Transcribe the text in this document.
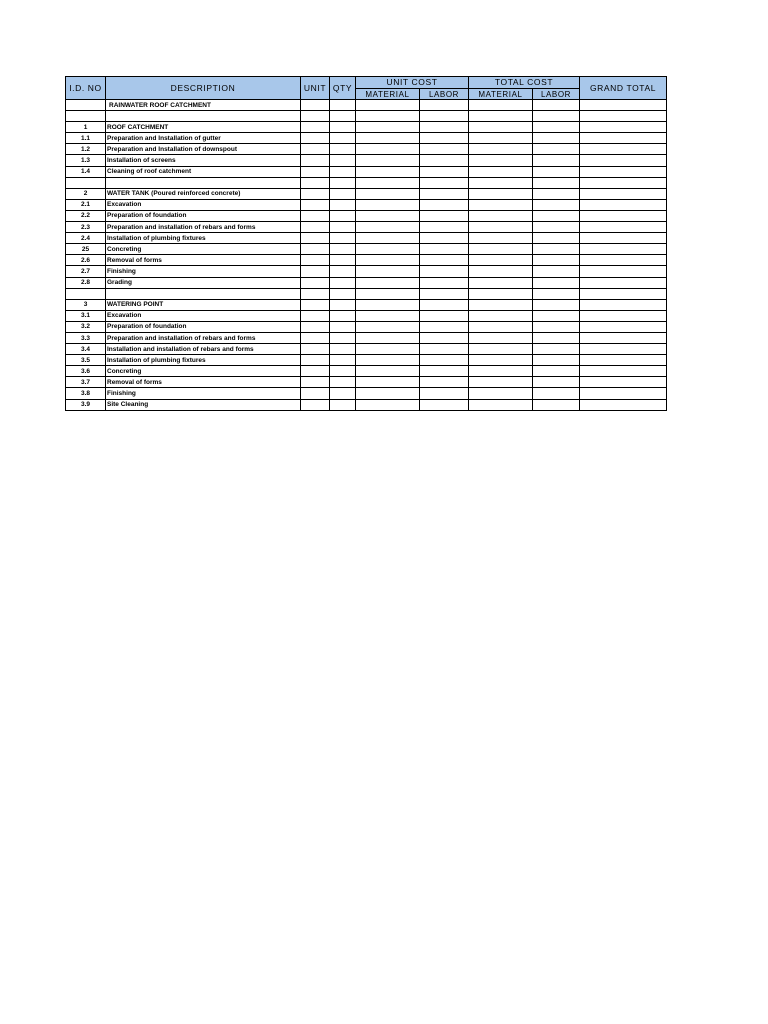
I.D. NO	DESCRIPTION	UNIT	QTY	UNIT COST		TOTAL COST		GRAND TOTAL
				MATERIAL	LABOR	MATERIAL	LABOR	
	RAINWATER ROOF CATCHMENT							

1	ROOF CATCHMENT							
1.1	Preparation and Installation of gutter							
1.2	Preparation and Installation of downspout							
1.3	Installation of screens							
1.4	Cleaning of roof catchment							

2	WATER TANK (Poured reinforced concrete)							
2.1	Excavation							
2.2	Preparation of foundation							
2.3	Preparation and installation of rebars and forms							
2.4	Installation of plumbing fixtures							
25	Concreting							
2.6	Removal of forms							
2.7	Finishing							
2.8	Grading							

3	WATERING POINT							
3.1	Excavation							
3.2	Preparation of foundation							
3.3	Preparation and installation of rebars and forms							
3.4	Installation and installation of rebars and forms							
3.5	Installation of plumbing fixtures							
3.6	Concreting							
3.7	Removal of forms							
3.8	Finishing							
3.9	Site Cleaning							
